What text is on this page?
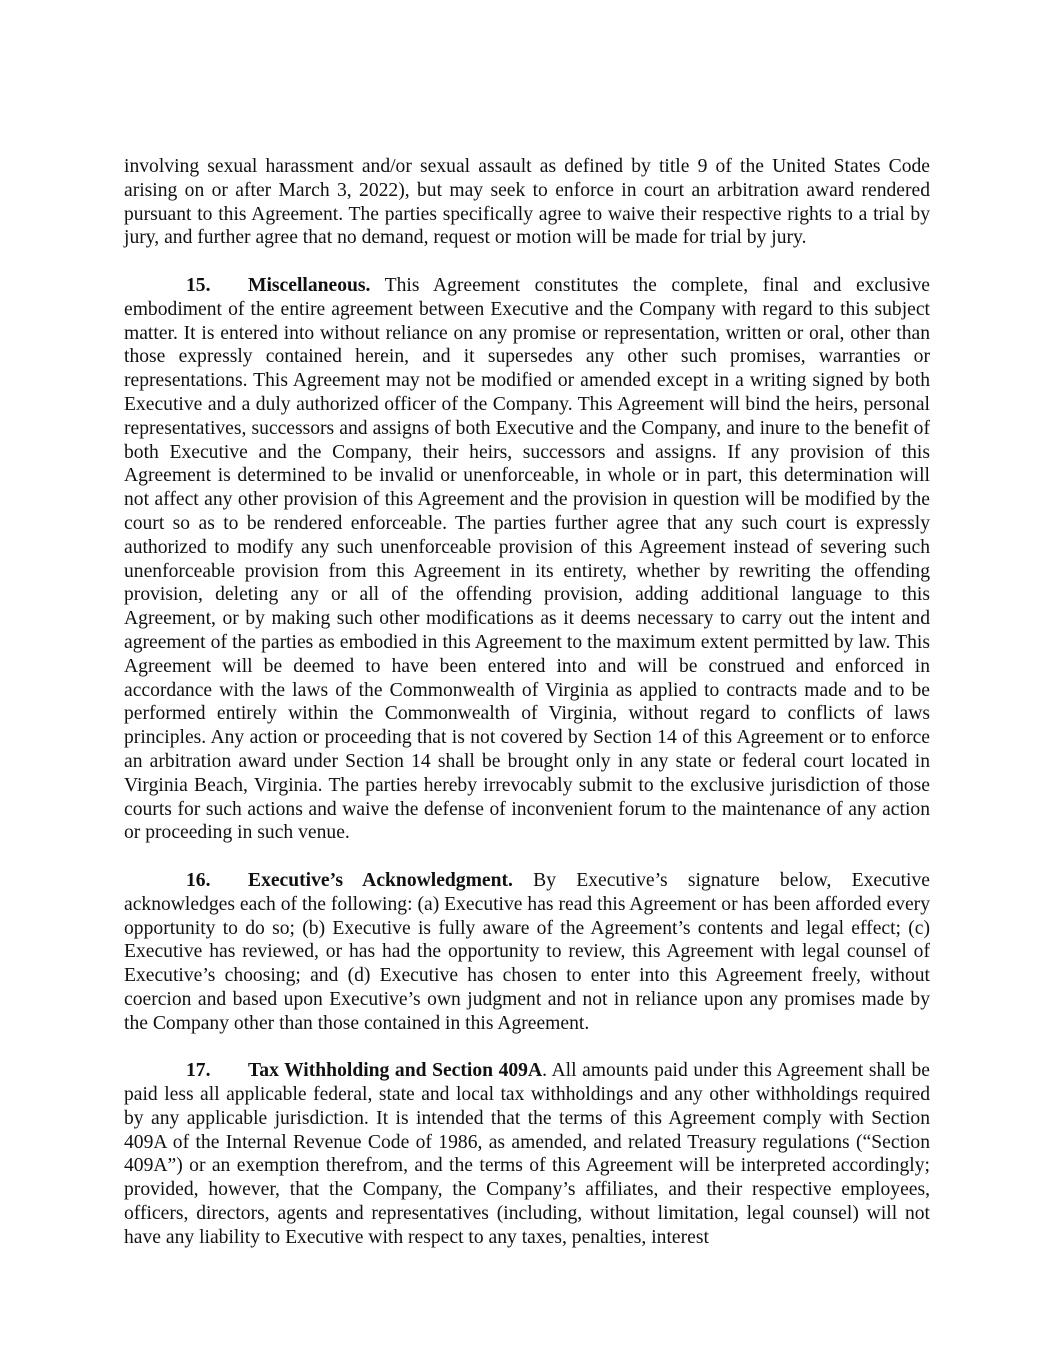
involving sexual harassment and/or sexual assault as defined by title 9 of the United States Code arising on or after March 3, 2022), but may seek to enforce in court an arbitration award rendered pursuant to this Agreement. The parties specifically agree to waive their respective rights to a trial by jury, and further agree that no demand, request or motion will be made for trial by jury.

15. Miscellaneous. This Agreement constitutes the complete, final and exclusive embodiment of the entire agreement between Executive and the Company with regard to this subject matter. It is entered into without reliance on any promise or representation, written or oral, other than those expressly contained herein, and it supersedes any other such promises, warranties or representations. This Agreement may not be modified or amended except in a writing signed by both Executive and a duly authorized officer of the Company. This Agreement will bind the heirs, personal representatives, successors and assigns of both Executive and the Company, and inure to the benefit of both Executive and the Company, their heirs, successors and assigns. If any provision of this Agreement is determined to be invalid or unenforceable, in whole or in part, this determination will not affect any other provision of this Agreement and the provision in question will be modified by the court so as to be rendered enforceable. The parties further agree that any such court is expressly authorized to modify any such unenforceable provision of this Agreement instead of severing such unenforceable provision from this Agreement in its entirety, whether by rewriting the offending provision, deleting any or all of the offending provision, adding additional language to this Agreement, or by making such other modifications as it deems necessary to carry out the intent and agreement of the parties as embodied in this Agreement to the maximum extent permitted by law. This Agreement will be deemed to have been entered into and will be construed and enforced in accordance with the laws of the Commonwealth of Virginia as applied to contracts made and to be performed entirely within the Commonwealth of Virginia, without regard to conflicts of laws principles. Any action or proceeding that is not covered by Section 14 of this Agreement or to enforce an arbitration award under Section 14 shall be brought only in any state or federal court located in Virginia Beach, Virginia. The parties hereby irrevocably submit to the exclusive jurisdiction of those courts for such actions and waive the defense of inconvenient forum to the maintenance of any action or proceeding in such venue.

16. Executive’s Acknowledgment. By Executive’s signature below, Executive acknowledges each of the following: (a) Executive has read this Agreement or has been afforded every opportunity to do so; (b) Executive is fully aware of the Agreement’s contents and legal effect; (c) Executive has reviewed, or has had the opportunity to review, this Agreement with legal counsel of Executive’s choosing; and (d) Executive has chosen to enter into this Agreement freely, without coercion and based upon Executive’s own judgment and not in reliance upon any promises made by the Company other than those contained in this Agreement.

17. Tax Withholding and Section 409A. All amounts paid under this Agreement shall be paid less all applicable federal, state and local tax withholdings and any other withholdings required by any applicable jurisdiction. It is intended that the terms of this Agreement comply with Section 409A of the Internal Revenue Code of 1986, as amended, and related Treasury regulations (“Section 409A”) or an exemption therefrom, and the terms of this Agreement will be interpreted accordingly; provided, however, that the Company, the Company’s affiliates, and their respective employees, officers, directors, agents and representatives (including, without limitation, legal counsel) will not have any liability to Executive with respect to any taxes, penalties, interest
